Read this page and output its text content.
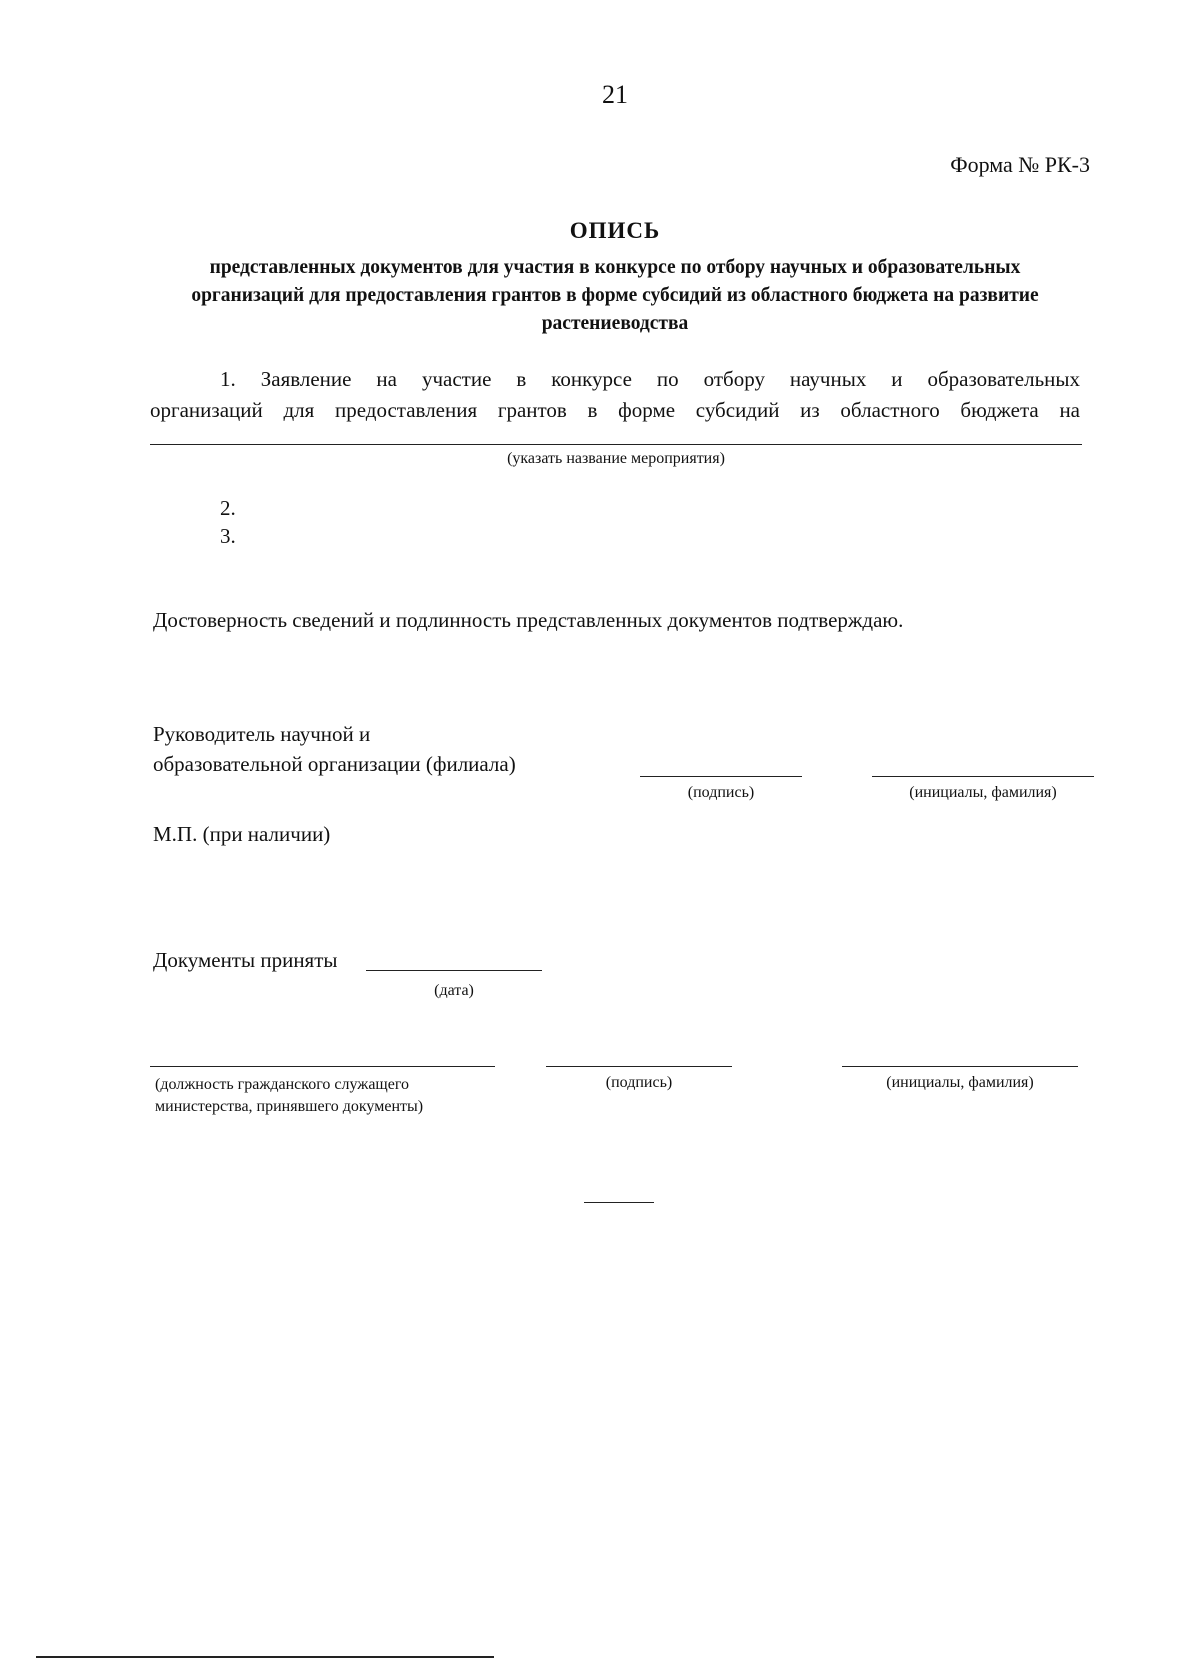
21
Форма № РК-3
ОПИСЬ
представленных документов для участия в конкурсе по отбору научных и образовательных организаций для предоставления грантов в форме субсидий из областного бюджета на развитие растениеводства
1. Заявление на участие в конкурсе по отбору научных и образовательных
организаций для предоставления грантов в форме субсидий из областного бюджета на
(указать название мероприятия)
2.
3.
Достоверность сведений и подлинность представленных документов подтверждаю.
Руководитель научной и
образовательной организации (филиала)
(подпись)	(инициалы, фамилия)
М.П. (при наличии)
Документы приняты
(дата)
(должность гражданского служащего
министерства, принявшего документы)
(подпись)	(инициалы, фамилия)
